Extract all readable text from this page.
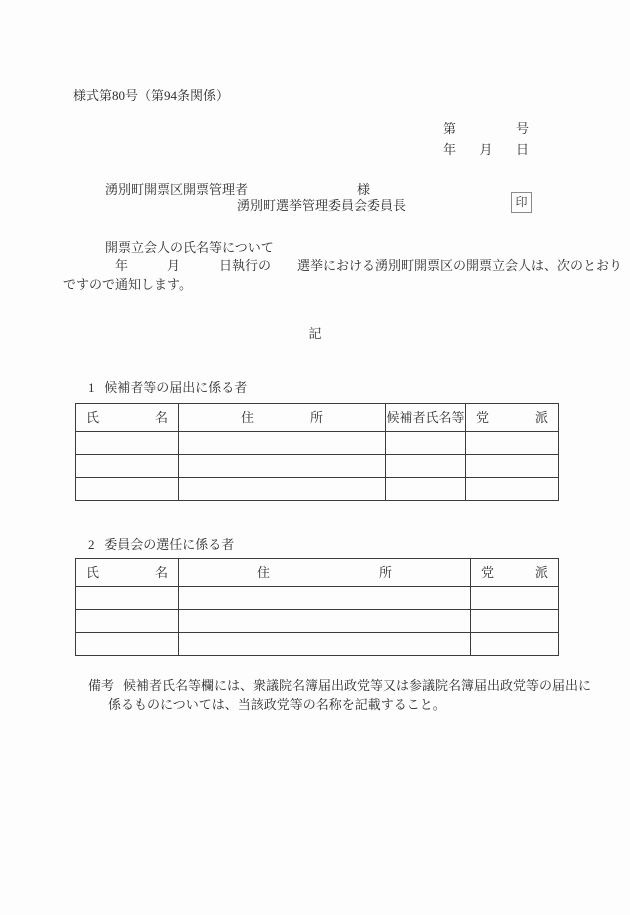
様式第80号（第94条関係）
第	号
年 月 日
湧別町開票区開票管理者	様
湧別町選挙管理委員会委員長	印
開票立会人の氏名等について
年　　　月　　　日執行の　　選挙における湧別町開票区の開票立会人は、次のとおり
ですので通知します。
記

1 候補者等の届出に係る者

氏 名	住 所	候補者氏名等	党 派

2 委員会の選任に係る者

氏 名	住 所	党 派

備考 候補者氏名等欄には、衆議院名簿届出政党等又は参議院名簿届出政党等の届出に
係るものについては、当該政党等の名称を記載すること。
